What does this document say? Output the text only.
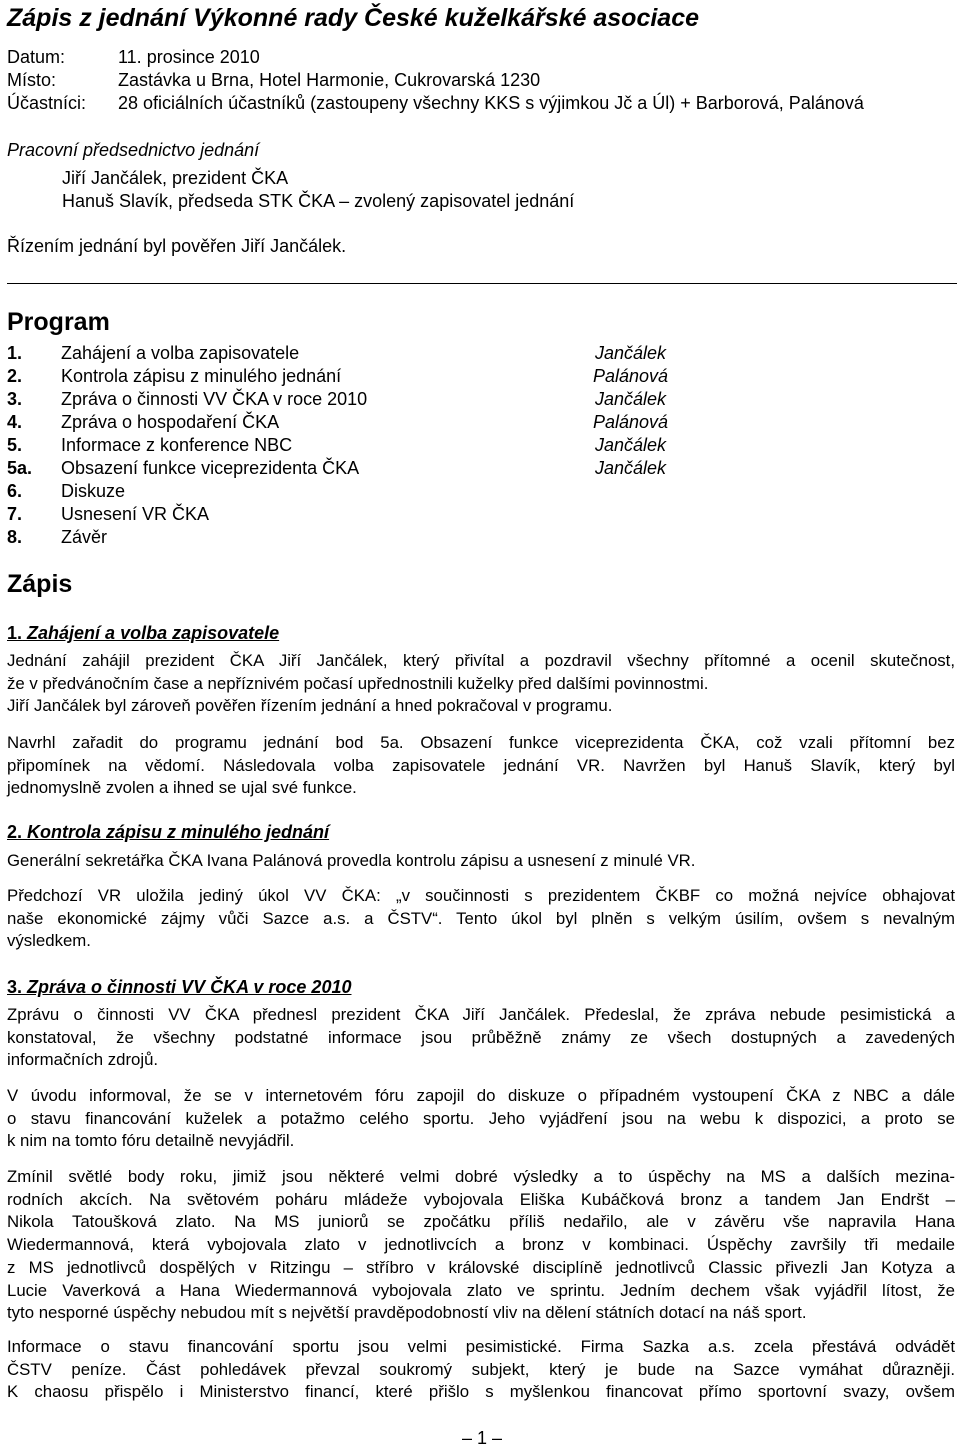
Zápis z jednání Výkonné rady České kuželkářské asociace
Datum:	11. prosince 2010
Místo:	Zastávka u Brna, Hotel Harmonie, Cukrovarská 1230
Účastníci: 28 oficiálních účastníků (zastoupeny všechny KKS s výjimkou Jč a Úl) + Barborová, Palánová
Pracovní předsednictvo jednání
Jiří Jančálek, prezident ČKA
Hanuš Slavík, předseda STK ČKA – zvolený zapisovatel jednání
Řízením jednání byl pověřen Jiří Jančálek.
Program
1. Zahájení a volba zapisovatele	Jančálek
2. Kontrola zápisu z minulého jednání	Palánová
3. Zpráva o činnosti VV ČKA v roce 2010	Jančálek
4. Zpráva o hospodaření ČKA	Palánová
5. Informace z konference NBC	Jančálek
5a. Obsazení funkce viceprezidenta ČKA	Jančálek
6. Diskuze
7. Usnesení VR ČKA
8. Závěr
Zápis
1. Zahájení a volba zapisovatele
Jednání zahájil prezident ČKA Jiří Jančálek, který přivítal a pozdravil všechny přítomné a ocenil skutečnost,
že v předvánočním čase a nepříznivém počasí upřednostnili kuželky před dalšími povinnostmi.
Jiří Jančálek byl zároveň pověřen řízením jednání a hned pokračoval v programu.
Navrhl zařadit do programu jednání bod 5a. Obsazení funkce viceprezidenta ČKA, což vzali přítomní bez
připomínek na vědomí. Následovala volba zapisovatele jednání VR. Navržen byl Hanuš Slavík, který byl
jednomyslně zvolen a ihned se ujal své funkce.
2. Kontrola zápisu z minulého jednání
Generální sekretářka ČKA Ivana Palánová provedla kontrolu zápisu a usnesení z minulé VR.
Předchozí VR uložila jediný úkol VV ČKA: „v součinnosti s prezidentem ČKBF co možná nejvíce obhajovat
naše ekonomické zájmy vůči Sazce a.s. a ČSTV“. Tento úkol byl plněn s velkým úsilím, ovšem s nevalným
výsledkem.
3. Zpráva o činnosti VV ČKA v roce 2010
Zprávu o činnosti VV ČKA přednesl prezident ČKA Jiří Jančálek. Předeslal, že zpráva nebude pesimistická a
konstatoval, že všechny podstatné informace jsou průběžně známy ze všech dostupných a zavedených
informačních zdrojů.
V úvodu informoval, že se v internetovém fóru zapojil do diskuze o případném vystoupení ČKA z NBC a dále
o stavu financování kuželek a potažmo celého sportu. Jeho vyjádření jsou na webu k dispozici, a proto se
k nim na tomto fóru detailně nevyjádřil.
Zmínil světlé body roku, jimiž jsou některé velmi dobré výsledky a to úspěchy na MS a dalších mezina-
rodních akcích. Na světovém poháru mládeže vybojovala Eliška Kubáčková bronz a tandem Jan Endršt –
Nikola Tatoušková zlato. Na MS juniorů se zpočátku příliš nedařilo, ale v závěru vše napravila Hana
Wiedermannová, která vybojovala zlato v jednotlivcích a bronz v kombinaci. Úspěchy završily tři medaile
z MS jednotlivců dospělých v Ritzingu – stříbro v královské disciplíně jednotlivců Classic přivezli Jan Kotyza a
Lucie Vaverková a Hana Wiedermannová vybojovala zlato ve sprintu. Jedním dechem však vyjádřil lítost, že
tyto nesporné úspěchy nebudou mít s největší pravděpodobností vliv na dělení státních dotací na náš sport.
Informace o stavu financování sportu jsou velmi pesimistické. Firma Sazka a.s. zcela přestává odvádět
ČSTV peníze. Část pohledávek převzal soukromý subjekt, který je bude na Sazce vymáhat důrazněji.
K chaosu přispělo i Ministerstvo financí, které přišlo s myšlenkou financovat přímo sportovní svazy, ovšem
– 1 –
